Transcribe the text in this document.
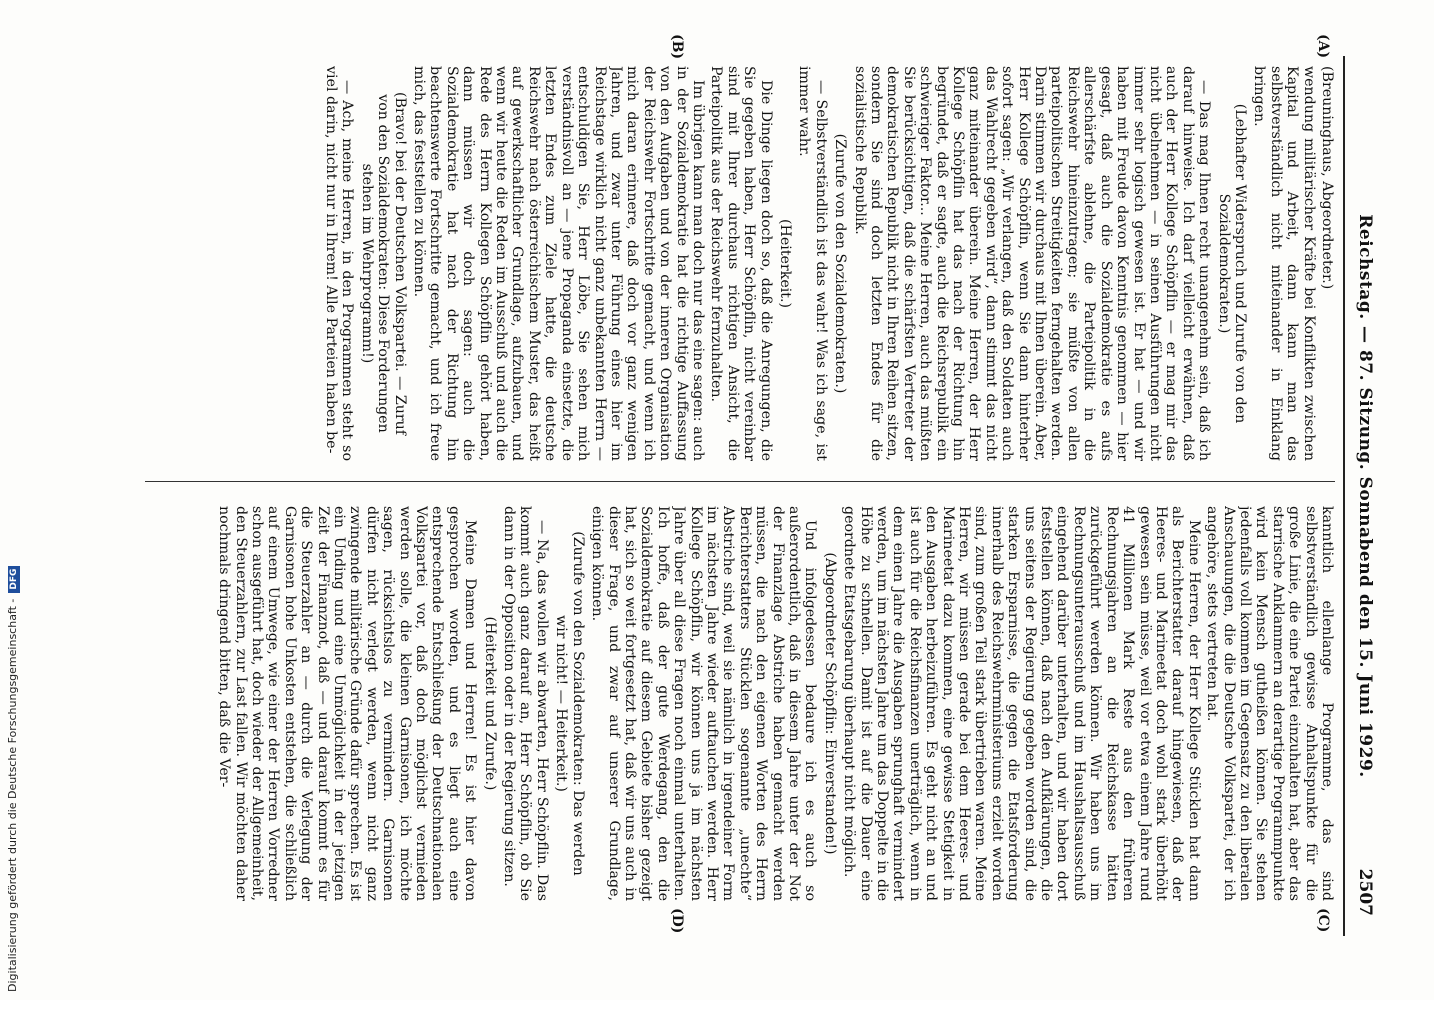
Reichstag. — 87. Sitzung. Sonnabend den 15. Juni 1929.
2507

(Breuninghaus, Abgeordneter.)

wendung militärischer Kräfte bei Konflikten zwischen Kapital und Arbeit, dann kann man das selbstverständlich nicht miteinander in Einklang bringen.

(Lebhafter Widerspruch und Zurufe von den Sozialdemokraten.)

— Das mag Ihnen recht unangenehm sein, daß ich darauf hinweise. Ich darf vielleicht erwähnen, daß auch der Herr Kollege Schöpflin — er mag mir das nicht übelnehmen — in seinen Ausführungen nicht immer sehr logisch gewesen ist. Er hat — und wir haben mit Freude davon Kenntnis genommen — hier gesagt, daß auch die Sozialdemokratie es aufs allerschärfste ablehne, die Parteipolitik in die Reichswehr hineinzutragen; sie müßte von allen parteipolitischen Streitigkeiten ferngehalten werden. Darin stimmen wir durchaus mit Ihnen überein. Aber, Herr Kollege Schöpflin, wenn Sie dann hinterher sofort sagen: „Wir verlangen, daß den Soldaten auch das Wahlrecht gegeben wird“, dann stimmt das nicht ganz miteinander überein. Meine Herren, der Herr Kollege Schöpflin hat das nach der Richtung hin begründet, daß er sagte, auch die Reichsrepublik ein schwieriger Faktor... Meine Herren, auch das müßten Sie berücksichtigen, daß die schärfsten Vertreter der demokratischen Republik nicht in Ihren Reihen sitzen, sondern Sie sind doch letzten Endes für die sozialistische Republik.

(Zurufe von den Sozialdemokraten.)

— Selbstverständlich ist das wahr! Was ich sage, ist immer wahr.

(Heiterkeit.)

Die Dinge liegen doch so, daß die Anregungen, die Sie gegeben haben, Herr Schöpflin, nicht vereinbar sind mit Ihrer durchaus richtigen Ansicht, die Parteipolitik aus der Reichswehr fernzuhalten.

Im übrigen kann man doch nur das eine sagen: auch in der Sozialdemokratie hat die richtige Auffassung von den Aufgaben und von der inneren Organisation der Reichswehr Fortschritte gemacht, und wenn ich mich daran erinnere, daß doch vor ganz wenigen Jahren, und zwar unter Führung eines hier im Reichstage wirklich nicht ganz unbekannten Herrn — entschuldigen Sie, Herr Löbe, Sie sehen mich verständnisvoll an — jene Propaganda einsetzte, die letzten Endes zum Ziele hatte, die deutsche Reichswehr nach österreichischem Muster, das heißt auf gewerkschaftlicher Grundlage, aufzubauen, und wenn wir heute die Reden im Ausschuß und auch die Rede des Herrn Kollegen Schöpflin gehört haben, dann müssen wir doch sagen: auch die Sozialdemokratie hat nach der Richtung hin beachtenswerte Fortschritte gemacht, und ich freue mich, das feststellen zu können.

(Bravo! bei der Deutschen Volkspartei. — Zuruf von den Sozialdemokraten: Diese Forderungen stehen im Wehrprogramm!)

— Ach, meine Herren, in den Programmen steht so viel darin, nicht nur in Ihrem! Alle Parteien haben be-

kanntlich ellenlange Programme, das sind selbstverständlich gewisse Anhaltspunkte für die große Linie, die eine Partei einzuhalten hat, aber das starrische Anklammern an derartige Programmpunkte wird kein Mensch gutheißen können. Sie stehen jedenfalls voll kommen im Gegensatz zu den liberalen Anschauungen, die die Deutsche Volkspartei, der ich angehöre, stets vertreten hat.

Meine Herren, der Herr Kollege Stücklen hat dann als Berichterstatter darauf hingewiesen, daß der Heeres- und Marineetat doch wohl stark überhöht gewesen sein müsse, weil vor etwa einem Jahre rund 41 Millionen Mark Reste aus den früheren Rechnungsjahren an die Reichskasse hätten zurückgeführt werden können. Wir haben uns im Rechnungsunterausschuß und im Haushaltsausschuß eingehend darüber unterhalten, und wir haben dort feststellen können, daß nach den Aufklärungen, die uns seitens der Regierung gegeben worden sind, die starken Ersparnisse, die gegen die Etatsforderung innerhalb des Reichswehrministeriums erzielt worden sind, zum großen Teil stark übertrieben waren. Meine Herren, wir müssen gerade bei dem Heeres- und Marineetat dazu kommen, eine gewisse Stetigkeit in den Ausgaben herbeizuführen. Es geht nicht an und ist auch für die Reichsfinanzen unerträglich, wenn in dem einen Jahre die Ausgaben sprunghaft vermindert werden, um im nächsten Jahre um das Doppelte in die Höhe zu schnellen. Damit ist auf die Dauer eine geordnete Etatsgebarung überhaupt nicht möglich.

(Abgeordneter Schöpflin: Einverstanden!)

Und infolgedessen bedaure ich es auch so außerordentlich, daß in diesem Jahre unter der Not der Finanzlage Abstriche haben gemacht werden müssen, die nach den eigenen Worten des Herrn Berichterstatters Stücklen sogenannte „unechte“ Abstriche sind, weil sie nämlich in irgendeiner Form im nächsten Jahre wieder auftauchen werden. Herr Kollege Schöpflin, wir können uns ja im nächsten Jahre über all diese Fragen noch einmal unterhalten. Ich hoffe, daß der gute Werdegang, den die Sozialdemokratie auf diesem Gebiete bisher gezeigt hat, sich so weit fortgesetzt hat, daß wir uns auch in dieser Frage, und zwar auf unserer Grundlage, einigen können.

(Zurufe von den Sozialdemokraten: Das werden wir nicht! — Heiterkeit.)

— Na, das wollen wir abwarten, Herr Schöpflin. Das kommt auch ganz darauf an, Herr Schöpflin, ob Sie dann in der Opposition oder in der Regierung sitzen.

(Heiterkeit und Zurufe.)

Meine Damen und Herren! Es ist hier davon gesprochen worden, und es liegt auch eine entsprechende Entschließung der Deutschnationalen Volkspartei vor, daß doch möglichst vermieden werden solle, die kleinen Garnisonen, ich möchte sagen, rücksichtslos zu vermindern. Garnisonen dürfen nicht verlegt werden, wenn nicht ganz zwingende militärische Gründe dafür sprechen. Es ist ein Unding und eine Unmöglichkeit in der jetzigen Zeit der Finanznot, daß — und darauf kommt es für die Steuerzahler an — durch die Verlegung der Garnisonen hohe Unkosten entstehen, die schließlich auf einem Umwege, wie einer der Herren Vorredner schon ausgeführt hat, doch wieder der Allgemeinheit, den Steuerzahlern, zur Last fallen. Wir möchten daher nochmals dringend bitten, daß die Ver-

(A)
(B)
(C)
(D)
Digitalisierung gefördert durch die Deutsche Forschungsgemeinschaft -DFG
